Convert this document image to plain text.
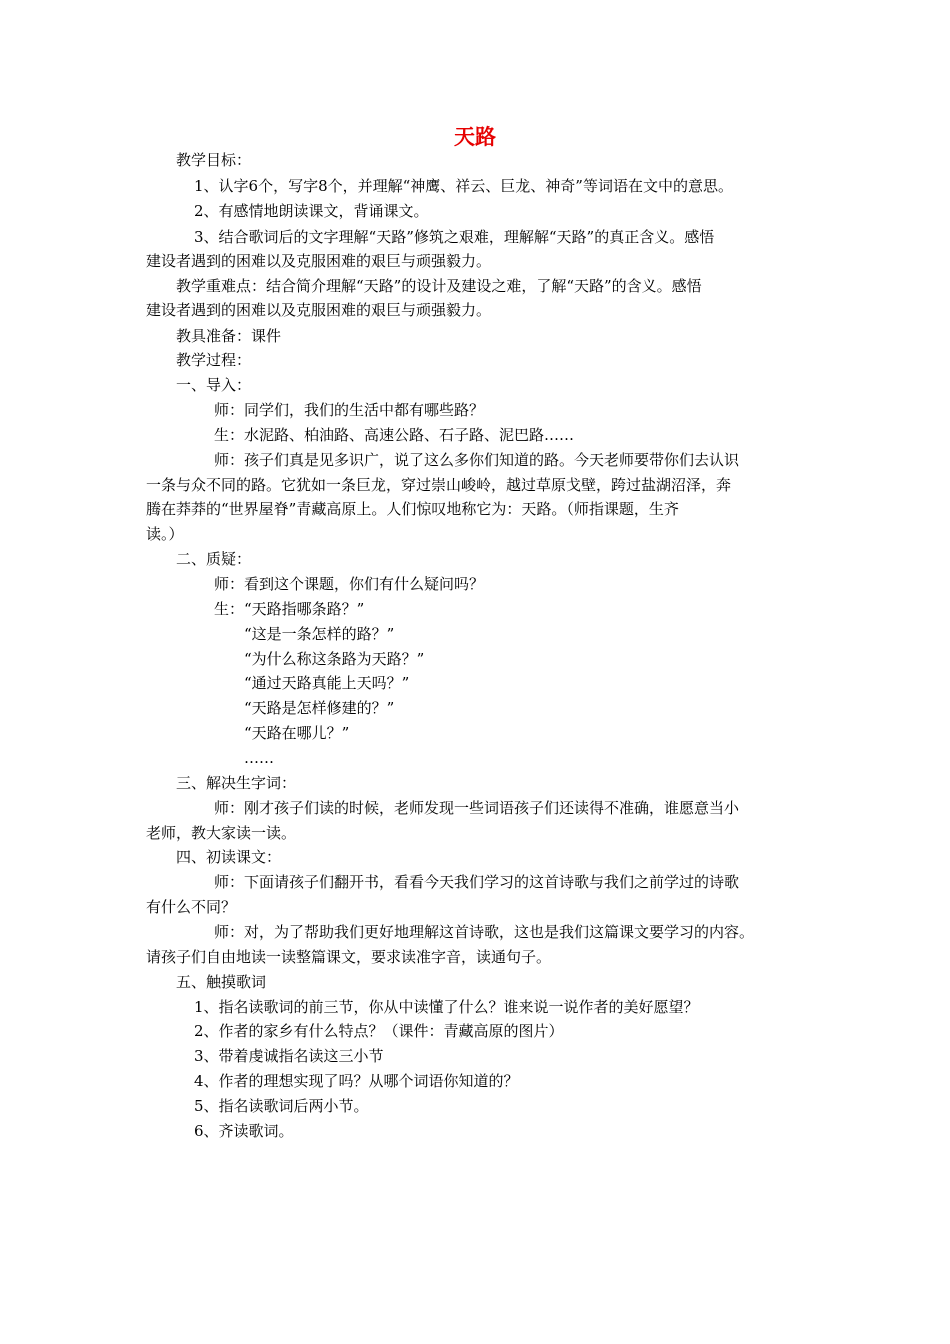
天路
教学目标：
1、认字6个，写字8个，并理解“神鹰、祥云、巨龙、神奇”等词语在文中的意思。
2、有感情地朗读课文，背诵课文。
3、结合歌词后的文字理解“天路”修筑之艰难，理解解“天路”的真正含义。感悟
建设者遇到的困难以及克服困难的艰巨与顽强毅力。
教学重难点：结合简介理解“天路”的设计及建设之难，了解“天路”的含义。感悟
建设者遇到的困难以及克服困难的艰巨与顽强毅力。
教具准备：课件
教学过程：
一、导入：
师：同学们，我们的生活中都有哪些路？
生：水泥路、柏油路、高速公路、石子路、泥巴路……
师：孩子们真是见多识广，说了这么多你们知道的路。今天老师要带你们去认识
一条与众不同的路。它犹如一条巨龙，穿过崇山峻岭，越过草原戈壁，跨过盐湖沼泽，奔
腾在莽莽的“世界屋脊”青藏高原上。人们惊叹地称它为：天路。（师指课题，生齐
读。）
二、质疑：
师：看到这个课题，你们有什么疑问吗？
生：“天路指哪条路？”
“这是一条怎样的路？”
“为什么称这条路为天路？”
“通过天路真能上天吗？”
“天路是怎样修建的？”
“天路在哪儿？”
……
三、解决生字词：
师：刚才孩子们读的时候，老师发现一些词语孩子们还读得不准确，谁愿意当小
老师，教大家读一读。
四、初读课文：
师：下面请孩子们翻开书，看看今天我们学习的这首诗歌与我们之前学过的诗歌
有什么不同？
师：对，为了帮助我们更好地理解这首诗歌，这也是我们这篇课文要学习的内容。
请孩子们自由地读一读整篇课文，要求读准字音，读通句子。
五、触摸歌词
1、指名读歌词的前三节，你从中读懂了什么？谁来说一说作者的美好愿望？
2、作者的家乡有什么特点？（课件：青藏高原的图片）
3、带着虔诚指名读这三小节
4、作者的理想实现了吗？从哪个词语你知道的？
5、指名读歌词后两小节。
6、齐读歌词。
